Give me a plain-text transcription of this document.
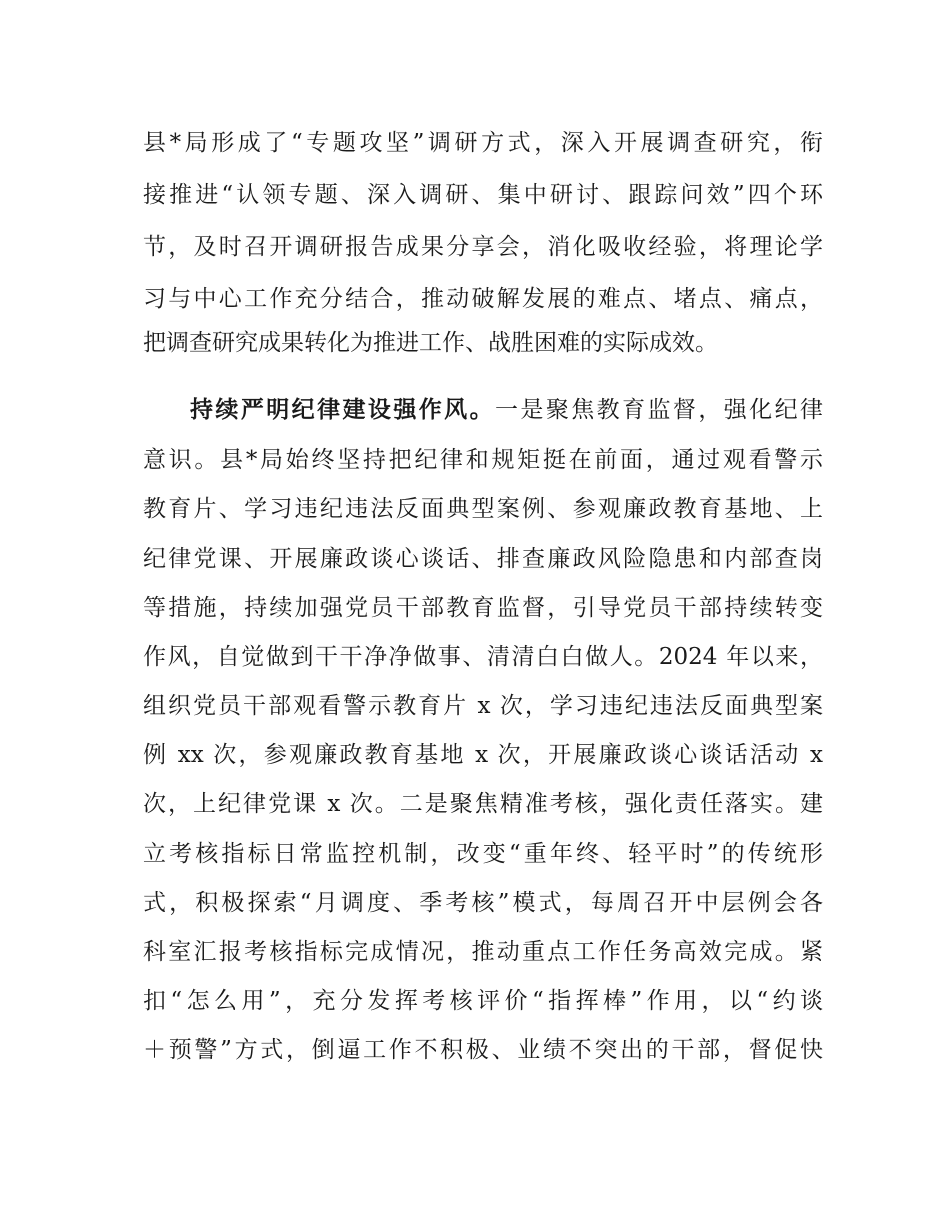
县*局形成了“专题攻坚”调研方式，深入开展调查研究，衔
接推进“认领专题、深入调研、集中研讨、跟踪问效”四个环
节，及时召开调研报告成果分享会，消化吸收经验，将理论学
习与中心工作充分结合，推动破解发展的难点、堵点、痛点，
把调查研究成果转化为推进工作、战胜困难的实际成效。
持续严明纪律建设强作风。一是聚焦教育监督，强化纪律
意识。县*局始终坚持把纪律和规矩挺在前面，通过观看警示
教育片、学习违纪违法反面典型案例、参观廉政教育基地、上
纪律党课、开展廉政谈心谈话、排查廉政风险隐患和内部查岗
等措施，持续加强党员干部教育监督，引导党员干部持续转变
作风，自觉做到干干净净做事、清清白白做人。2024 年以来，
组织党员干部观看警示教育片 x 次，学习违纪违法反面典型案
例 xx 次，参观廉政教育基地 x 次，开展廉政谈心谈话活动 x
次，上纪律党课 x 次。二是聚焦精准考核，强化责任落实。建
立考核指标日常监控机制，改变“重年终、轻平时”的传统形
式，积极探索“月调度、季考核”模式，每周召开中层例会各
科室汇报考核指标完成情况，推动重点工作任务高效完成。紧
扣“怎么用”，充分发挥考核评价“指挥棒”作用，以“约谈
＋预警”方式，倒逼工作不积极、业绩不突出的干部，督促快
